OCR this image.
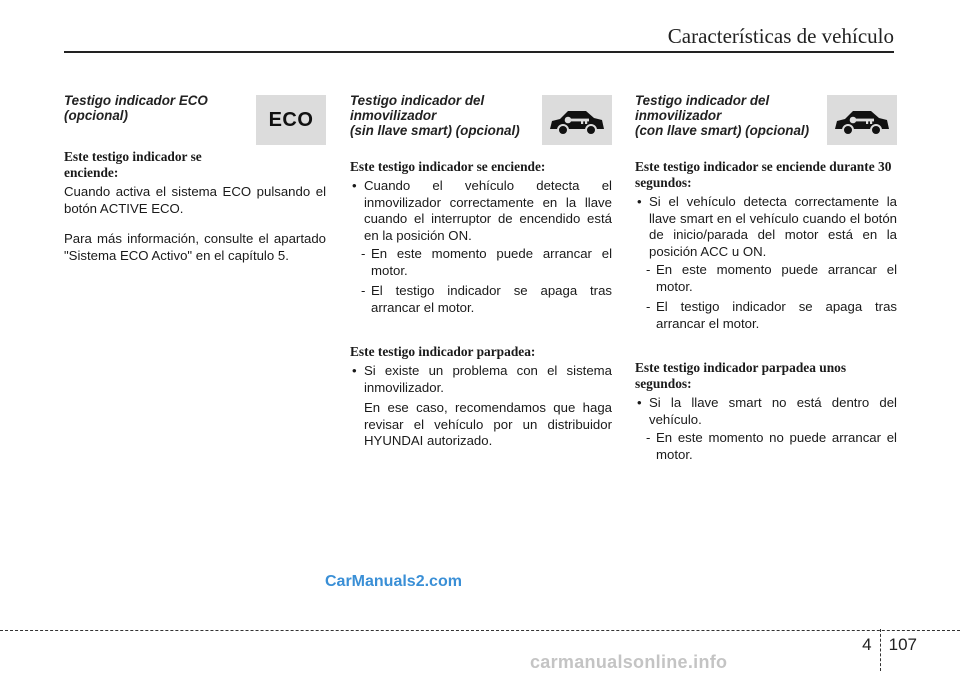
Características de vehículo

Testigo indicador ECO (opcional)	ECO

Este testigo indicador se enciende:

Cuando activa el sistema ECO pulsando el botón ACTIVE ECO.

Para más información, consulte el apartado "Sistema ECO Activo" en el capítulo 5.

Testigo indicador del
inmovilizador
(sin llave smart) (opcional)

Este testigo indicador se enciende:

• Cuando el vehículo detecta el inmovilizador correctamente en la llave cuando el interruptor de encendido está en la posición ON.
- En este momento puede arrancar el motor.
- El testigo indicador se apaga tras arrancar el motor.

Este testigo indicador parpadea:

• Si existe un problema con el sistema inmovilizador.

En ese caso, recomendamos que haga revisar el vehículo por un distribuidor HYUNDAI autorizado.

Testigo indicador del
inmovilizador
(con llave smart) (opcional)

Este testigo indicador se enciende durante 30 segundos:

• Si el vehículo detecta correctamente la llave smart en el vehículo cuando el botón de inicio/parada del motor está en la posición ACC u ON.
- En este momento puede arrancar el motor.
- El testigo indicador se apaga tras arrancar el motor.

Este testigo indicador parpadea unos segundos:

• Si la llave smart no está dentro del vehículo.
- En este momento no puede arrancar el motor.
CarManuals2.com
4	107
carmanualsonline.info
